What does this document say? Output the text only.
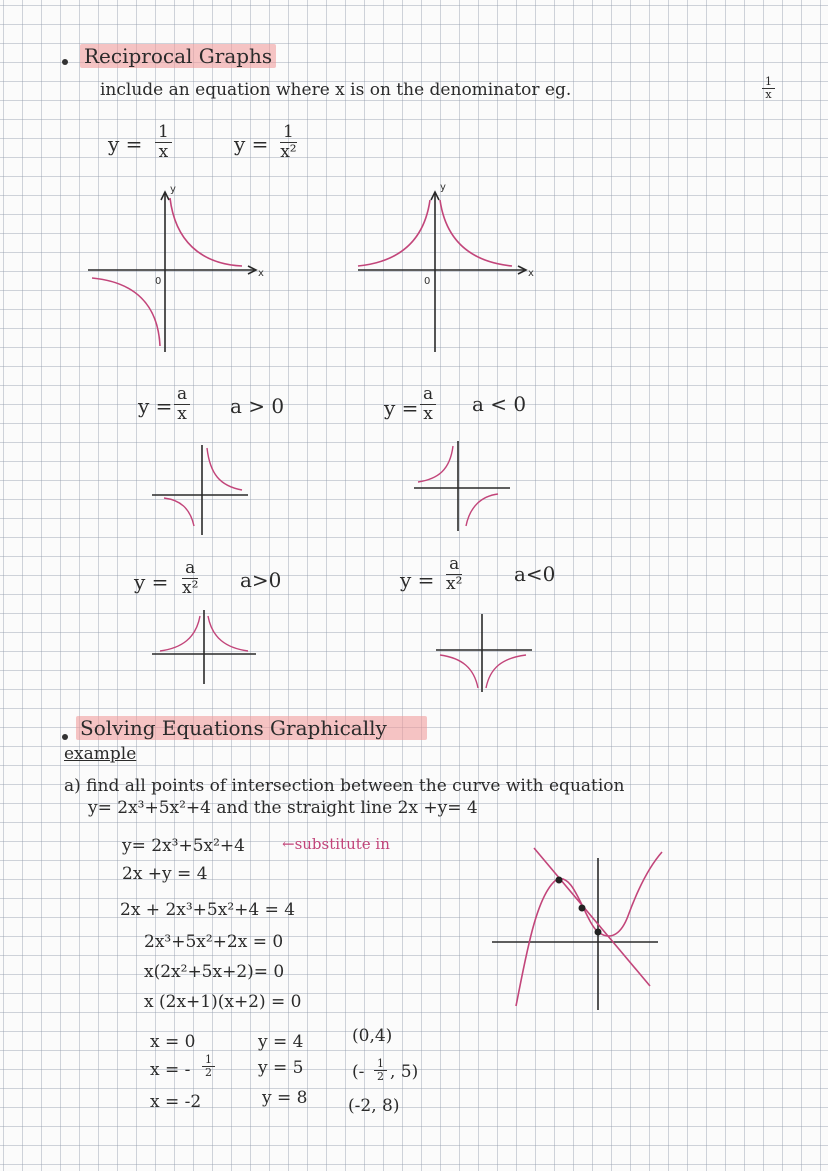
Reciprocal Graphs
include an equation where x is on the denominator eg.	$\frac{1}{x}$
$y = \frac{1}{x}$	$y = \frac{1}{\text{x²}}$
y
x
0
y
x
0
$y = \frac{a}{x}$ a > 0	$y = \frac{a}{x}$ a < 0
$y = \frac{a}{\text{x²}} a>0$	$y = \frac{a}{\text{x²}}$	a<0
Solving Equations Graphically
example
a) find all points of intersection between the curve with equation
y= 2x³+5x²+4 and the straight line 2x +y= 4
y= 2x³+5x²+4 ←substitute in
2x +y = 4
2x + 2x³+5x²+4 = 4
2x³+5x²+2x = 0
x(2x²+5x+2)= 0
x (2x+1)(x+2) = 0
x = 0	y = 4	(0,4)
x = - $\frac{1}{2}$	y = 5	(- $\frac{1}{2}$ , 5)
x = -2	y = 8 (-2, 8)
